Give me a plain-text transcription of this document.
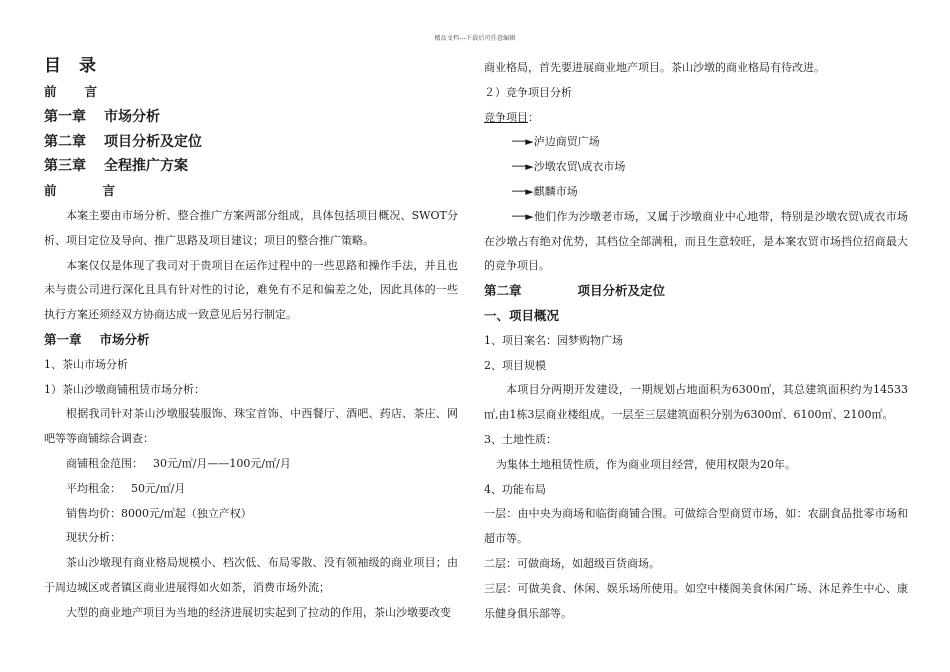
精品文档---下载后可任意编辑
目 录
前 言
第一章 市场分析
第二章 项目分析及定位
第三章 全程推广方案
前	言
本案主要由市场分析、整合推广方案两部分组成，具体包括项目概况、SWOT分析、项目定位及导向、推广思路及项目建议；项目的整合推广策略。
本案仅仅是体现了我司对于贵项目在运作过程中的一些思路和操作手法，并且也未与贵公司进行深化且具有针对性的讨论，难免有不足和偏差之处，因此具体的一些执行方案还须经双方协商达成一致意见后另行制定。
第一章 市场分析
1、茶山市场分析
1）茶山沙墩商铺租赁市场分析：
根据我司针对茶山沙墩服装服饰、珠宝首饰、中西餐厅、酒吧、药店、茶庄、网吧等等商铺综合调查：
商铺租金范围： 30元/㎡/月——100元/㎡/月
平均租金： 50元/㎡/月
销售均价：8000元/㎡起（独立产权）
现状分析：
茶山沙墩现有商业格局规模小、档次低、布局零散、没有领袖级的商业项目；由于周边城区或者镇区商业进展得如火如荼，消费市场外流；
大型的商业地产项目为当地的经济进展切实起到了拉动的作用，茶山沙墩要改变
商业格局，首先要进展商业地产项目。茶山沙墩的商业格局有待改进。
２）竞争项目分析
竞争项目：
──►泸边商贸广场
──►沙墩农贸\成衣市场
──►麒麟市场
──►他们作为沙墩老市场，又属于沙墩商业中心地带，特别是沙墩农贸\成衣市场在沙墩占有绝对优势，其档位全部满租，而且生意较旺，是本案农贸市场挡位招商最大的竞争项目。
第二章	项目分析及定位
一、项目概况
1、项目案名：园梦购物广场
2、项目规模
本项目分两期开发建设，一期规划占地面积为6300㎡，其总建筑面积约为14533㎡,由1栋3层商业楼组成。一层至三层建筑面积分别为6300㎡、6100㎡、2100㎡。
3、土地性质：
为集体土地租赁性质，作为商业项目经营，使用权限为20年。
4、功能布局
一层：由中央为商场和临街商铺合围。可做综合型商贸市场，如：农副食品批零市场和超市等。
二层：可做商场，如超级百货商场。
三层：可做美食、休闲、娱乐场所使用。如空中楼阁美食休闲广场、沐足养生中心、康乐健身俱乐部等。
